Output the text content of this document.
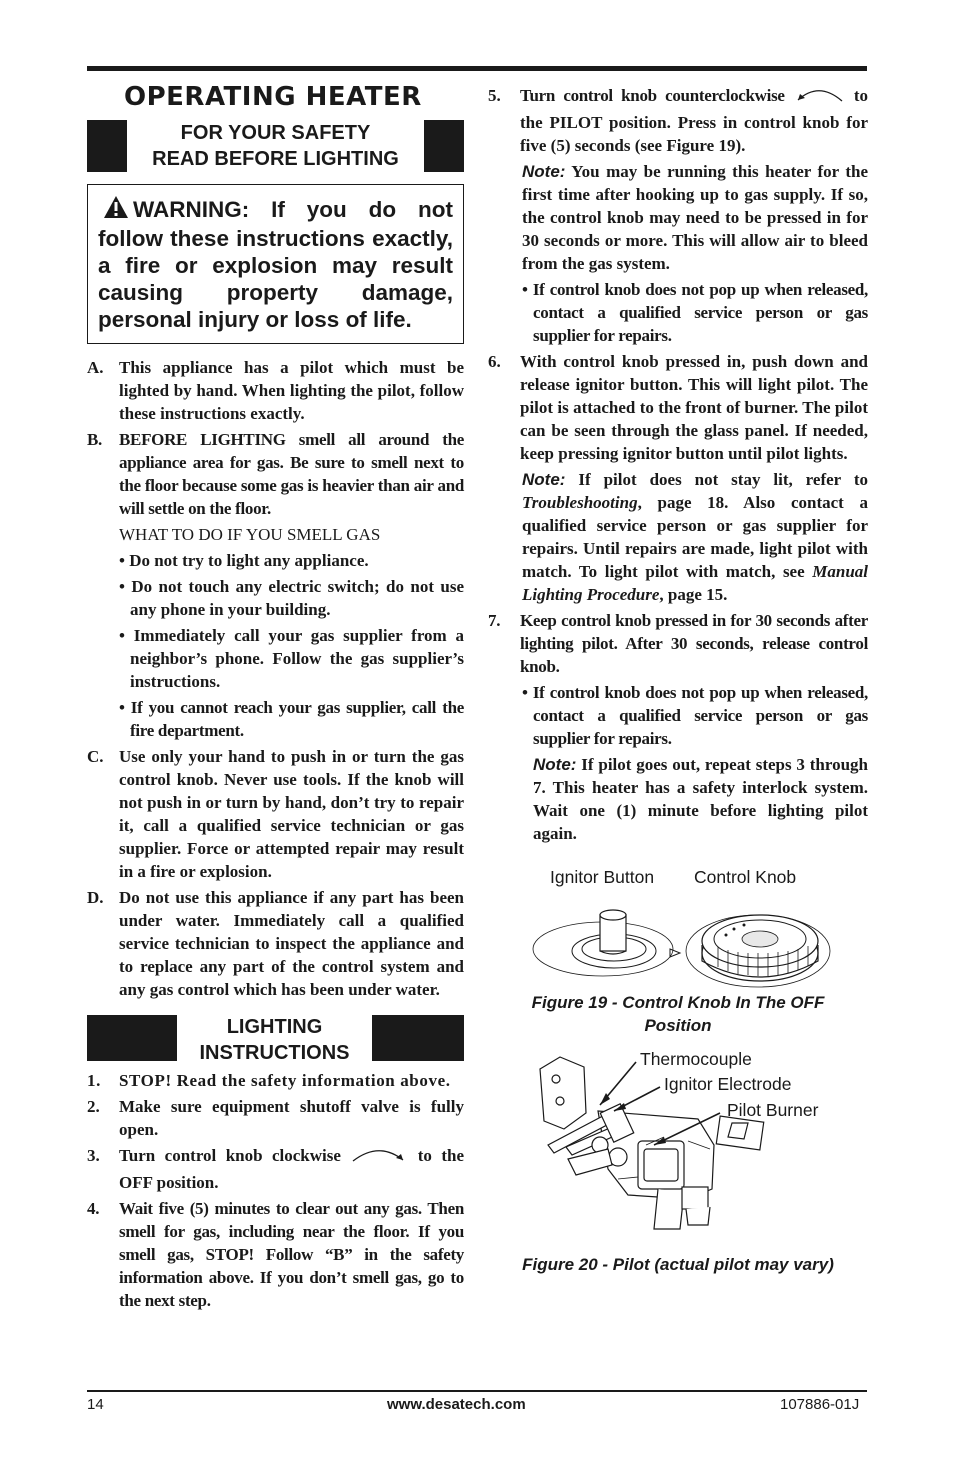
OPERATING HEATER
FOR YOUR SAFETY
READ BEFORE LIGHTING
WARNING: If you do not follow these instructions exactly, a fire or explosion may result causing property damage, personal injury or loss of life.
A. This appliance has a pilot which must be lighted by hand. When lighting the pilot, follow these instructions exactly.
B.	BEFORE LIGHTING smell all around the appliance area for gas. Be sure to smell next to the floor because some gas is heavier than air and will settle on the floor.
WHAT TO DO IF YOU SMELL GAS
• Do not try to light any appliance.
• Do not touch any electric switch; do not use any phone in your building.
• Immediately call your gas supplier from a neighbor’s phone. Follow the gas supplier’s instructions.
• If you cannot reach your gas supplier, call the fire department.
C. Use only your hand to push in or turn the gas control knob. Never use tools. If the knob will not push in or turn by hand, don’t try to repair it, call a qualified service technician or gas supplier. Force or attempted repair may result in a fire or explosion.
D. Do not use this appliance if any part has been under water. Immediately call a qualified service technician to inspect the appliance and to replace any part of the control system and any gas control which has been under water.
LIGHTING
INSTRUCTIONS
1.	STOP! Read the safety information above.
2.	Make sure equipment shutoff valve is fully open.
3.	Turn control knob clockwise	to the OFF position.
4.	Wait five (5) minutes to clear out any gas. Then smell for gas, including near the floor. If you smell gas, STOP! Follow “B” in the safety information above. If you don’t smell gas, go to the next step.
5.	Turn control knob counterclockwise	to the PILOT position. Press in control knob for five (5) seconds (see Figure 19).
Note: You may be running this heater for the first time after hooking up to gas supply. If so, the control knob may need to be pressed in for 30 seconds or more. This will allow air to bleed from the gas system.
• If control knob does not pop up when released, contact a qualified service person or gas supplier for repairs.
6.	With control knob pressed in, push down and release ignitor button. This will light pilot. The pilot is attached to the front of burner. The pilot can be seen through the glass panel. If needed, keep pressing ignitor button until pilot lights.
Note: If pilot does not stay lit, refer to Troubleshooting, page 18. Also contact a qualified service person or gas supplier for repairs. Until repairs are made, light pilot with match. To light pilot with match, see Manual Lighting Procedure, page 15.
7.	Keep control knob pressed in for 30 seconds after lighting pilot. After 30 seconds, release control knob.
• If control knob does not pop up when released, contact a qualified service person or gas supplier for repairs.
Note: If pilot goes out, repeat steps 3 through 7. This heater has a safety interlock system. Wait one (1) minute before lighting pilot again.
Ignitor Button Control Knob
Figure 19 - Control Knob In The OFF Position
Thermocouple
Ignitor Electrode
Pilot Burner
Figure 20 - Pilot (actual pilot may vary)
14	www.desatech.com	107886-01J
